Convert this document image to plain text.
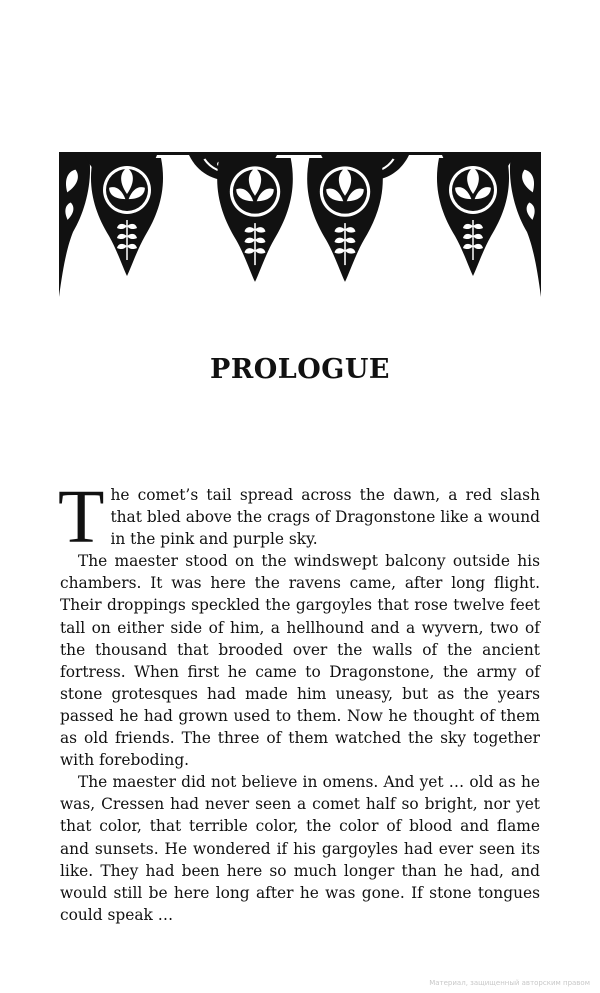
PROLOGUE

The comet’s tail spread across the dawn, a red slash that bled above the crags of Dragonstone like a wound in the pink and purple sky.

The maester stood on the windswept balcony outside his chambers. It was here the ravens came, after long flight. Their droppings speckled the gargoyles that rose twelve feet tall on either side of him, a hellhound and a wyvern, two of the thousand that brooded over the walls of the ancient fortress. When first he came to Dragonstone, the army of stone grotesques had made him uneasy, but as the years passed he had grown used to them. Now he thought of them as old friends. The three of them watched the sky together with foreboding.

The maester did not believe in omens. And yet … old as he was, Cressen had never seen a comet half so bright, nor yet that color, that terrible color, the color of blood and flame and sunsets. He wondered if his gargoyles had ever seen its like. They had been here so much longer than he had, and would still be here long after he was gone. If stone tongues could speak …

Материал, защищенный авторским правом
